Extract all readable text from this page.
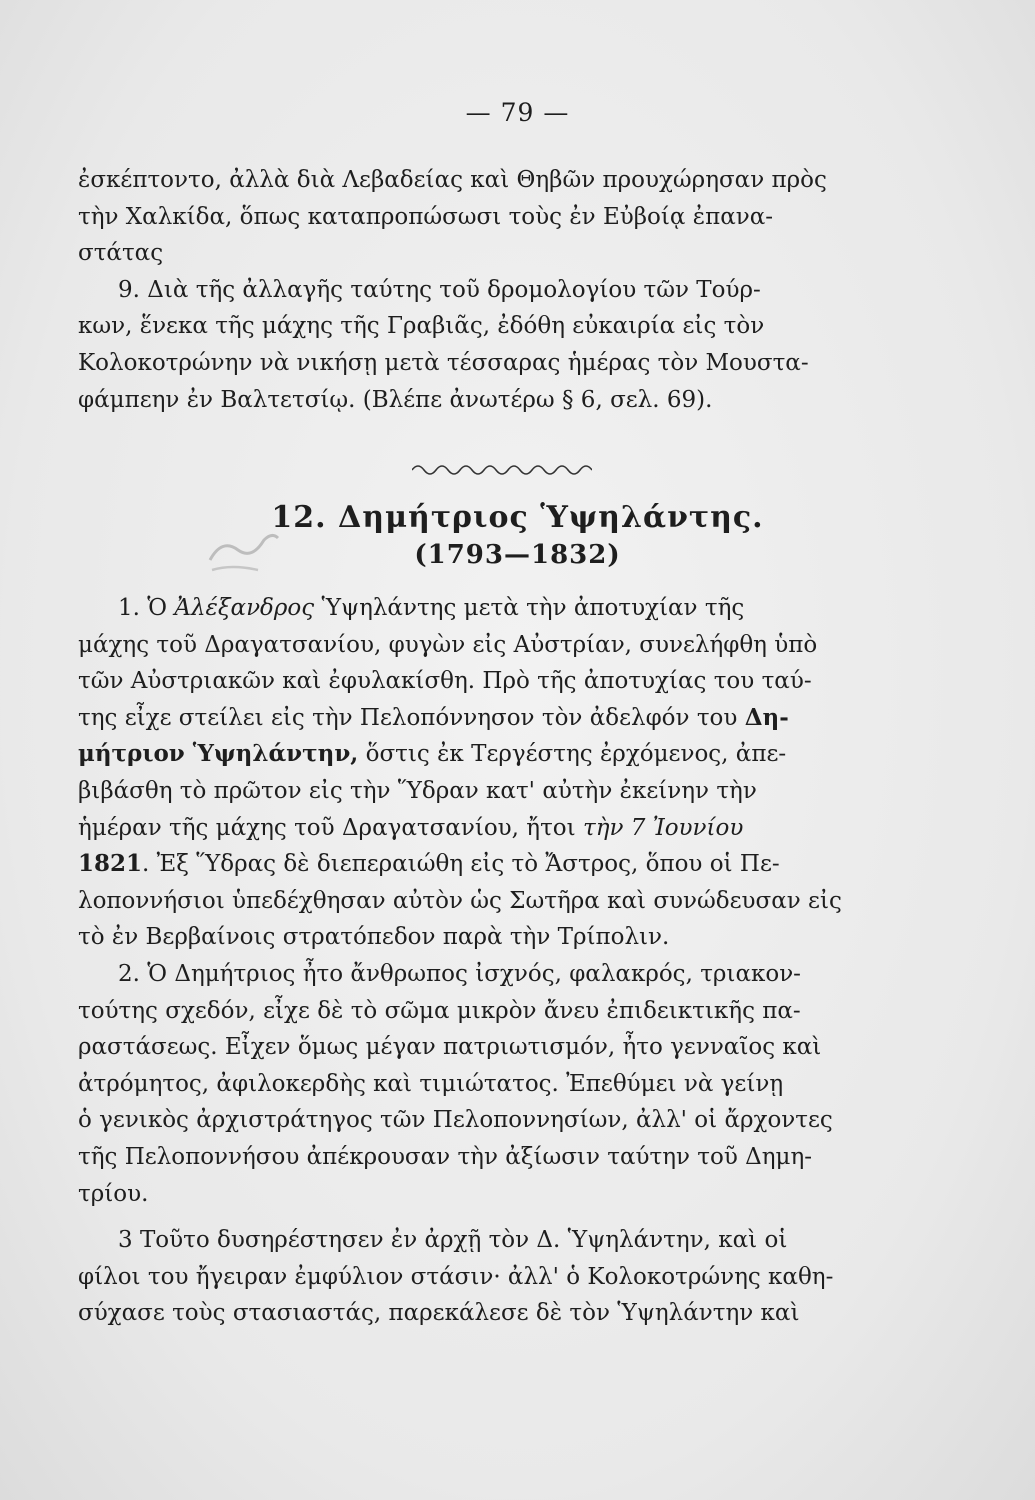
— 79 —
ἐσκέπτοντο, ἀλλὰ διὰ Λεβαδείας καὶ Θηβῶν προυχώρησαν πρὸς
τὴν Χαλκίδα, ὅπως καταπροπώσωσι τοὺς ἐν Εὐβοίᾳ ἐπανα-
στάτας
9. Διὰ τῆς ἀλλαγῆς ταύτης τοῦ δρομολογίου τῶν Τούρ-
κων, ἕνεκα τῆς μάχης τῆς Γραβιᾶς, ἐδόθη εὐκαιρία εἰς τὸν
Κολοκοτρώνην νὰ νικήσῃ μετὰ τέσσαρας ἡμέρας τὸν Μουστα-
φάμπεην ἐν Βαλτετσίῳ. (Βλέπε ἀνωτέρω § 6, σελ. 69).
12. Δημήτριος Ὑψηλάντης.
(1793—1832)
1. Ὁ Ἀλέξανδρος Ὑψηλάντης μετὰ τὴν ἀποτυχίαν τῆς
μάχης τοῦ Δραγατσανίου, φυγὼν εἰς Αὐστρίαν, συνελήφθη ὑπὸ
τῶν Αὐστριακῶν καὶ ἐφυλακίσθη. Πρὸ τῆς ἀποτυχίας του ταύ-
της εἶχε στείλει εἰς τὴν Πελοπόννησον τὸν ἀδελφόν του Δη-
μήτριον Ὑψηλάντην, ὅστις ἐκ Τεργέστης ἐρχόμενος, ἀπε-
βιβάσθη τὸ πρῶτον εἰς τὴν Ὕδραν κατ' αὐτὴν ἐκείνην τὴν
ἡμέραν τῆς μάχης τοῦ Δραγατσανίου, ἤτοι τὴν 7 Ἰουνίου
1821. Ἐξ Ὕδρας δὲ διεπεραιώθη εἰς τὸ Ἄστρος, ὅπου οἱ Πε-
λοποννήσιοι ὑπεδέχθησαν αὐτὸν ὡς Σωτῆρα καὶ συνώδευσαν εἰς
τὸ ἐν Βερβαίνοις στρατόπεδον παρὰ τὴν Τρίπολιν.
2. Ὁ Δημήτριος ἦτο ἄνθρωπος ἰσχνός, φαλακρός, τριακον-
τούτης σχεδόν, εἶχε δὲ τὸ σῶμα μικρὸν ἄνευ ἐπιδεικτικῆς πα-
ραστάσεως. Εἶχεν ὅμως μέγαν πατριωτισμόν, ἦτο γενναῖος καὶ
ἀτρόμητος, ἀφιλοκερδὴς καὶ τιμιώτατος. Ἐπεθύμει νὰ γείνῃ
ὁ γενικὸς ἀρχιστράτηγος τῶν Πελοποννησίων, ἀλλ' οἱ ἄρχοντες
τῆς Πελοποννήσου ἀπέκρουσαν τὴν ἀξίωσιν ταύτην τοῦ Δημη-
τρίου.
3 Τοῦτο δυσηρέστησεν ἐν ἀρχῇ τὸν Δ. Ὑψηλάντην, καὶ οἱ
φίλοι του ἤγειραν ἐμφύλιον στάσιν· ἀλλ' ὁ Κολοκοτρώνης καθη-
σύχασε τοὺς στασιαστάς, παρεκάλεσε δὲ τὸν Ὑψηλάντην καὶ
